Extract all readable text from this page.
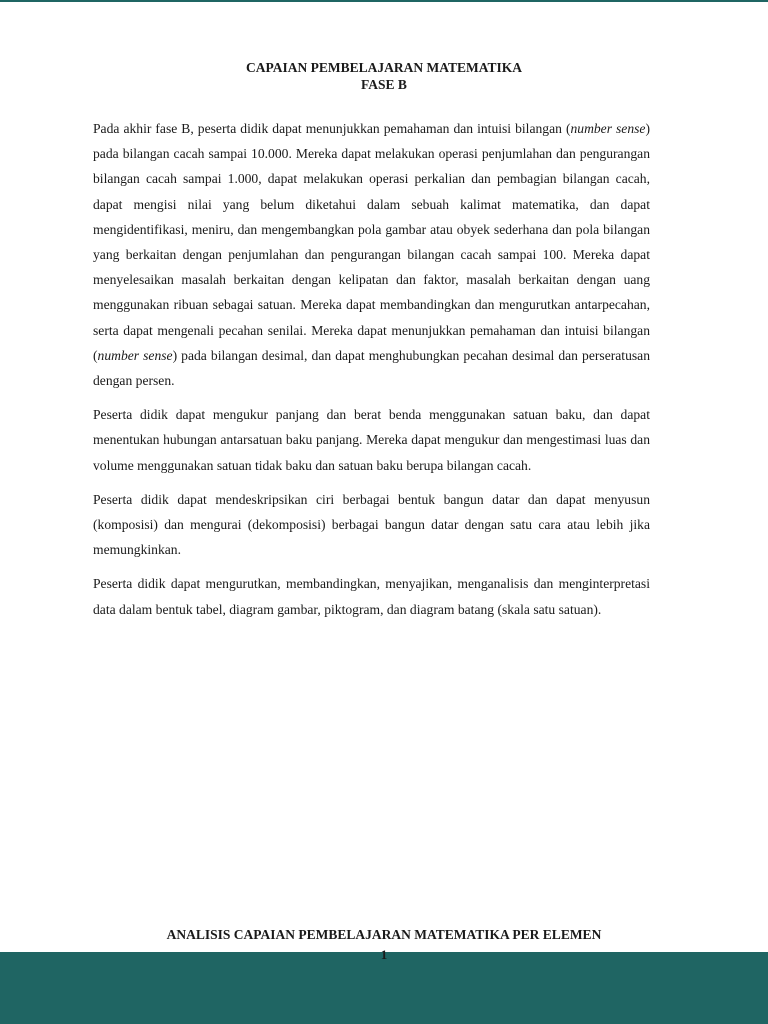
CAPAIAN PEMBELAJARAN MATEMATIKA
FASE B

Pada akhir fase B, peserta didik dapat menunjukkan pemahaman dan intuisi bilangan (number sense) pada bilangan cacah sampai 10.000. Mereka dapat melakukan operasi penjumlahan dan pengurangan bilangan cacah sampai 1.000, dapat melakukan operasi perkalian dan pembagian bilangan cacah, dapat mengisi nilai yang belum diketahui dalam sebuah kalimat matematika, dan dapat mengidentifikasi, meniru, dan mengembangkan pola gambar atau obyek sederhana dan pola bilangan yang berkaitan dengan penjumlahan dan pengurangan bilangan cacah sampai 100. Mereka dapat menyelesaikan masalah berkaitan dengan kelipatan dan faktor, masalah berkaitan dengan uang menggunakan ribuan sebagai satuan. Mereka dapat membandingkan dan mengurutkan antarpecahan, serta dapat mengenali pecahan senilai. Mereka dapat menunjukkan pemahaman dan intuisi bilangan (number sense) pada bilangan desimal, dan dapat menghubungkan pecahan desimal dan perseratusan dengan persen.

Peserta didik dapat mengukur panjang dan berat benda menggunakan satuan baku, dan dapat menentukan hubungan antarsatuan baku panjang. Mereka dapat mengukur dan mengestimasi luas dan volume menggunakan satuan tidak baku dan satuan baku berupa bilangan cacah.

Peserta didik dapat mendeskripsikan ciri berbagai bentuk bangun datar dan dapat menyusun (komposisi) dan mengurai (dekomposisi) berbagai bangun datar dengan satu cara atau lebih jika memungkinkan.

Peserta didik dapat mengurutkan, membandingkan, menyajikan, menganalisis dan menginterpretasi data dalam bentuk tabel, diagram gambar, piktogram, dan diagram batang (skala satu satuan).

ANALISIS CAPAIAN PEMBELAJARAN MATEMATIKA PER ELEMEN
1
